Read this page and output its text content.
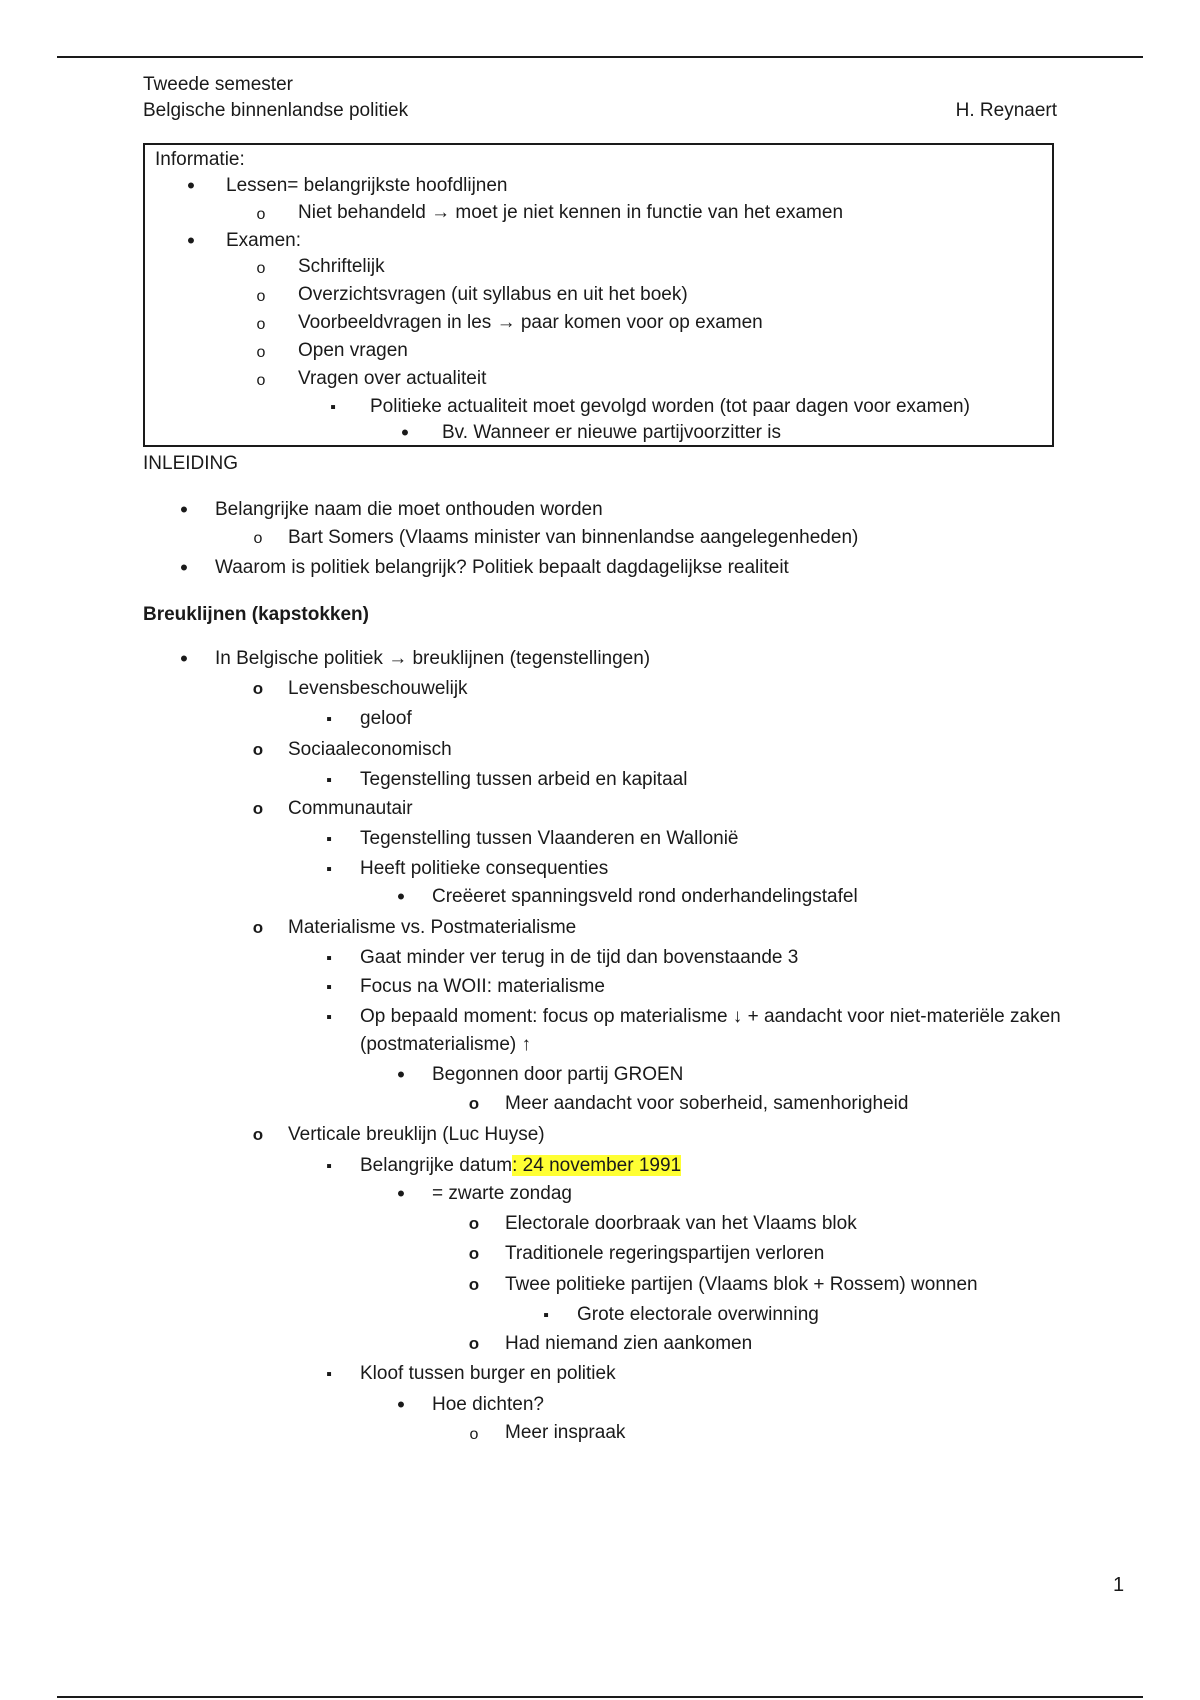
Tweede semester
Belgische binnenlandse politiek	H. Reynaert
Informatie:
•
Lessen= belangrijkste hoofdlijnen
o
Niet behandeld → moet je niet kennen in functie van het examen
•
Examen:
o
Schriftelijk
o
Overzichtsvragen (uit syllabus en uit het boek)
o
Voorbeeldvragen in les → paar komen voor op examen
o
Open vragen
o
Vragen over actualiteit
▪
Politieke actualiteit moet gevolgd worden (tot paar dagen voor examen)
•
Bv. Wanneer er nieuwe partijvoorzitter is
INLEIDING
•
Belangrijke naam die moet onthouden worden
o
Bart Somers (Vlaams minister van binnenlandse aangelegenheden)
•
Waarom is politiek belangrijk? Politiek bepaalt dagdagelijkse realiteit
Breuklijnen (kapstokken)
•
In Belgische politiek → breuklijnen (tegenstellingen)
o
Levensbeschouwelijk
▪
geloof
o
Sociaaleconomisch
▪
Tegenstelling tussen arbeid en kapitaal
o
Communautair
▪
Tegenstelling tussen Vlaanderen en Wallonië
▪
Heeft politieke consequenties
•
Creëeret spanningsveld rond onderhandelingstafel
o
Materialisme vs. Postmaterialisme
▪
Gaat minder ver terug in de tijd dan bovenstaande 3
▪
Focus na WOII: materialisme
▪
Op bepaald moment: focus op materialisme ↓ + aandacht voor niet-materiële zaken
(postmaterialisme) ↑
•
Begonnen door partij GROEN
o
Meer aandacht voor soberheid, samenhorigheid
o
Verticale breuklijn (Luc Huyse)
▪
Belangrijke datum: 24 november 1991
•
= zwarte zondag
o
Electorale doorbraak van het Vlaams blok
o
Traditionele regeringspartijen verloren
o
Twee politieke partijen (Vlaams blok + Rossem) wonnen
▪
Grote electorale overwinning
o
Had niemand zien aankomen
▪
Kloof tussen burger en politiek
•
Hoe dichten?
o
Meer inspraak
1
